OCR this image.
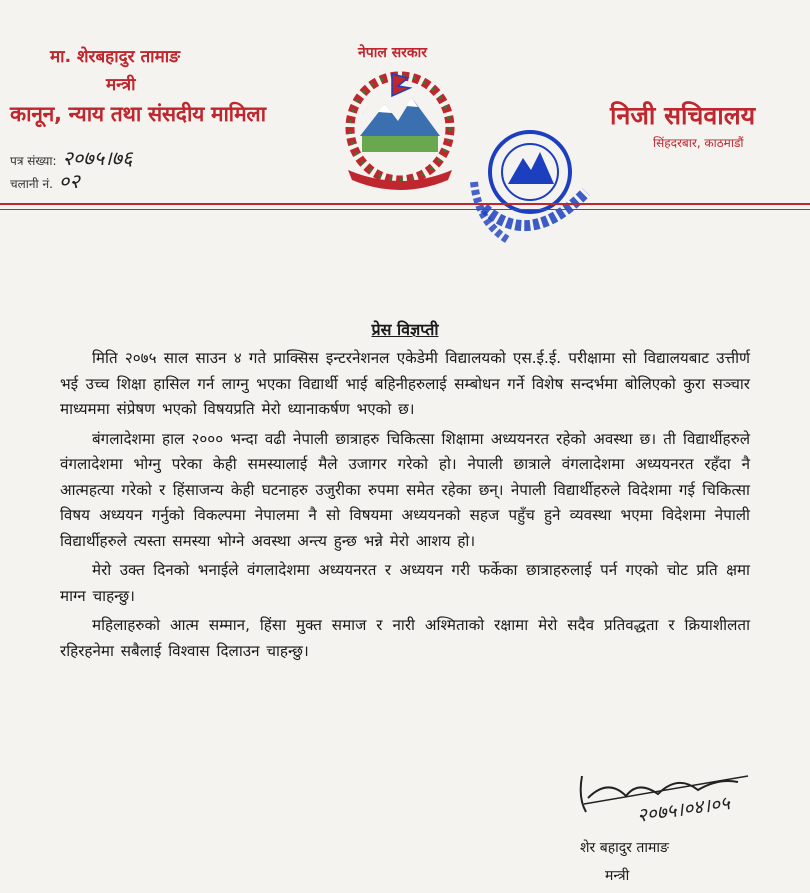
मा. शेरबहादुर तामाङ
मन्त्री
कानून, न्याय तथा संसदीय मामिला
पत्र संख्या: २०७५।७६
चलानी नं. ०२
नेपाल सरकार
निजी सचिवालय
सिंहदरबार, काठमाडौं
प्रेस विज्ञप्ती

मिति २०७५ साल साउन ४ गते प्राक्सिस इन्टरनेशनल एकेडेमी विद्यालयको एस.ई.ई. परीक्षामा सो विद्यालयबाट उत्तीर्ण भई उच्च शिक्षा हासिल गर्न लाग्नु भएका विद्यार्थी भाई बहिनीहरुलाई सम्बोधन गर्ने विशेष सन्दर्भमा बोलिएको कुरा सञ्चार माध्यममा संप्रेषण भएको विषयप्रति मेरो ध्यानाकर्षण भएको छ।

बंगलादेशमा हाल २००० भन्दा वढी नेपाली छात्राहरु चिकित्सा शिक्षामा अध्ययनरत रहेको अवस्था छ। ती विद्यार्थीहरुले वंगलादेशमा भोग्नु परेका केही समस्यालाई मैले उजागर गरेको हो। नेपाली छात्राले वंगलादेशमा अध्ययनरत रहँदा नै आत्महत्या गरेको र हिंसाजन्य केही घटनाहरु उजुरीका रुपमा समेत रहेका छन्। नेपाली विद्यार्थीहरुले विदेशमा गई चिकित्सा विषय अध्ययन गर्नुको विकल्पमा नेपालमा नै सो विषयमा अध्ययनको सहज पहुँच हुने व्यवस्था भएमा विदेशमा नेपाली विद्यार्थीहरुले त्यस्ता समस्या भोग्ने अवस्था अन्त्य हुन्छ भन्ने मेरो आशय हो।

मेरो उक्त दिनको भनाईले वंगलादेशमा अध्ययनरत र अध्ययन गरी फर्केका छात्राहरुलाई पर्न गएको चोट प्रति क्षमा माग्न चाहन्छु।

महिलाहरुको आत्म सम्मान, हिंसा मुक्त समाज र नारी अश्मिताको रक्षामा मेरो सदैव प्रतिवद्धता र क्रियाशीलता रहिरहनेमा सबैलाई विश्वास दिलाउन चाहन्छु।

२०७५।०४।०५
शेर बहादुर तामाङ
मन्त्री
